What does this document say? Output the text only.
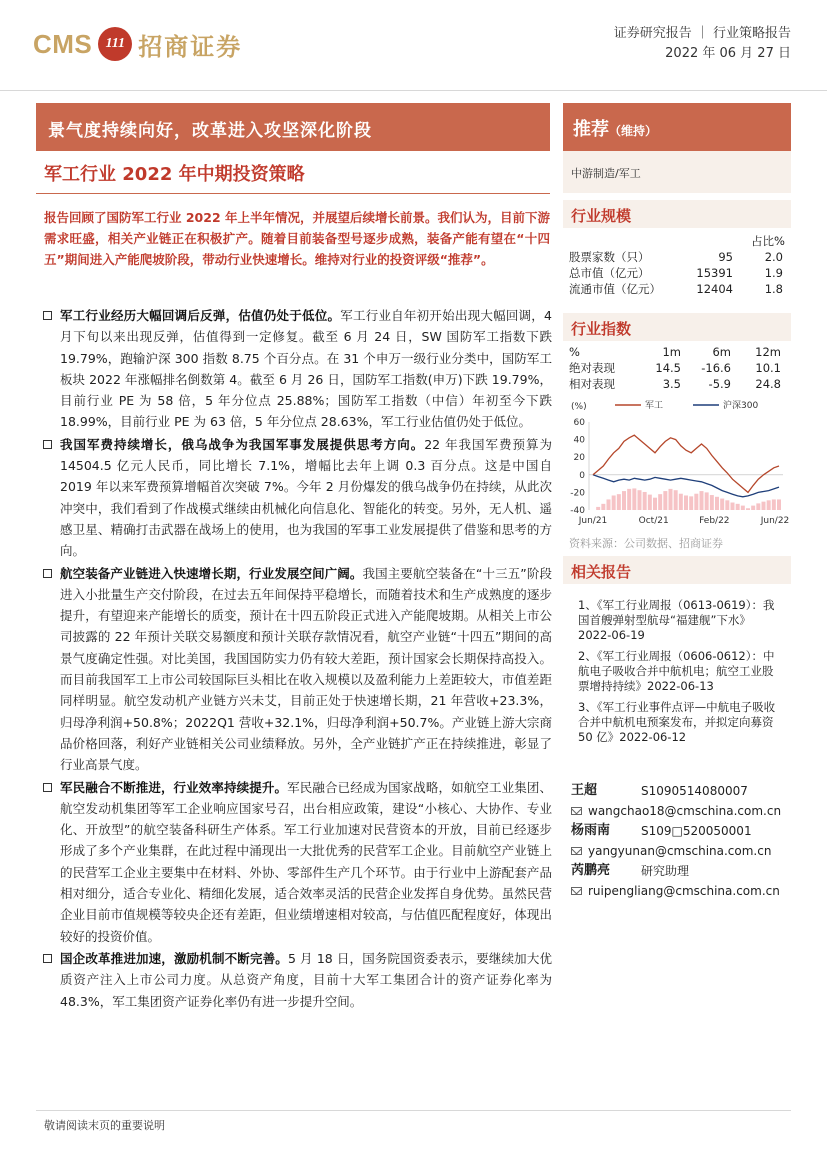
CMS 111 招商证券	证券研究报告 ｜ 行业策略报告
2022 年 06 月 27 日
景气度持续向好，改革进入攻坚深化阶段	推荐（维持）
中游制造/军工
军工行业 2022 年中期投资策略
报告回顾了国防军工行业 2022 年上半年情况，并展望后续增长前景。我们认为，目前下游需求旺盛，相关产业链正在积极扩产。随着目前装备型号逐步成熟，装备产能有望在“十四五”期间进入产能爬坡阶段，带动行业快速增长。维持对行业的投资评级“推荐”。
军工行业经历大幅回调后反弹，估值仍处于低位。军工行业自年初开始出现大幅回调，4 月下旬以来出现反弹，估值得到一定修复。截至 6 月 24 日，SW 国防军工指数下跌 19.79%，跑输沪深 300 指数 8.75 个百分点。在 31 个申万一级行业分类中，国防军工板块 2022 年涨幅排名倒数第 4。截至 6 月 26 日，国防军工指数(申万)下跌 19.79%，目前行业 PE 为 58 倍，5 年分位点 25.88%；国防军工指数（中信）年初至今下跌 18.99%，目前行业 PE 为 63 倍，5 年分位点 28.63%，军工行业估值仍处于低位。
我国军费持续增长，俄乌战争为我国军事发展提供思考方向。22 年我国军费预算为 14504.5 亿元人民币，同比增长 7.1%，增幅比去年上调 0.3 百分点。这是中国自 2019 年以来军费预算增幅首次突破 7%。今年 2 月份爆发的俄乌战争仍在持续，从此次冲突中，我们看到了作战模式继续由机械化向信息化、智能化的转变。另外，无人机、遥感卫星、精确打击武器在战场上的使用，也为我国的军事工业发展提供了借鉴和思考的方向。
航空装备产业链进入快速增长期，行业发展空间广阔。我国主要航空装备在“十三五”阶段进入小批量生产交付阶段，在过去五年间保持平稳增长，而随着技术和生产成熟度的逐步提升，有望迎来产能增长的质变，预计在十四五阶段正式进入产能爬坡期。从相关上市公司披露的 22 年预计关联交易额度和预计关联存款情况看，航空产业链“十四五”期间的高景气度确定性强。对比美国，我国国防实力仍有较大差距，预计国家会长期保持高投入。而目前我国军工上市公司较国际巨头相比在收入规模以及盈利能力上差距较大，市值差距同样明显。航空发动机产业链方兴未艾，目前正处于快速增长期，21 年营收+23.3%，归母净利润+50.8%；2022Q1 营收+32.1%，归母净利润+50.7%。产业链上游大宗商品价格回落，利好产业链相关公司业绩释放。另外，全产业链扩产正在持续推进，彰显了行业高景气度。
军民融合不断推进，行业效率持续提升。军民融合已经成为国家战略，如航空工业集团、航空发动机集团等军工企业响应国家号召，出台相应政策，建设“小核心、大协作、专业化、开放型”的航空装备科研生产体系。军工行业加速对民营资本的开放，目前已经逐步形成了多个产业集群，在此过程中涌现出一大批优秀的民营军工企业。目前航空产业链上的民营军工企业主要集中在材料、外协、零部件生产几个环节。由于行业中上游配套产品相对细分，适合专业化、精细化发展，适合效率灵活的民营企业发挥自身优势。虽然民营企业目前市值规模等较央企还有差距，但业绩增速相对较高，与估值匹配程度好，体现出较好的投资价值。
国企改革推进加速，激励机制不断完善。5 月 18 日，国务院国资委表示，要继续加大优质资产注入上市公司力度。从总资产角度，目前十大军工集团合计的资产证券化率为 48.3%，军工集团资产证券化率仍有进一步提升空间。
行业规模
占比%
股票家数（只）	95	2.0
总市值（亿元）	15391	1.9
流通市值（亿元）	12404	1.8
行业指数
%	1m	6m	12m
绝对表现	14.5	-16.6	10.1
相对表现	3.5	-5.9	24.8
(%)	军工	沪深300
60
40
20
0
-20
-40
Jun/21	Oct/21	Feb/22	Jun/22
资料来源：公司数据、招商证券
相关报告
1、《军工行业周报（0613-0619）：我国首艘弹射型航母“福建舰”下水》2022-06-19
2、《军工行业周报（0606-0612）：中航电子吸收合并中航机电；航空工业股票增持持续》2022-06-13
3、《军工行业事件点评—中航电子吸收合并中航机电预案发布，并拟定向募资 50 亿》2022-06-12
王超	S1090514080007
wangchao18@cmschina.com.cn
杨雨南	S109□520050001
yangyunan@cmschina.com.cn
芮鹏亮	研究助理
ruipengliang@cmschina.com.cn
敬请阅读末页的重要说明
